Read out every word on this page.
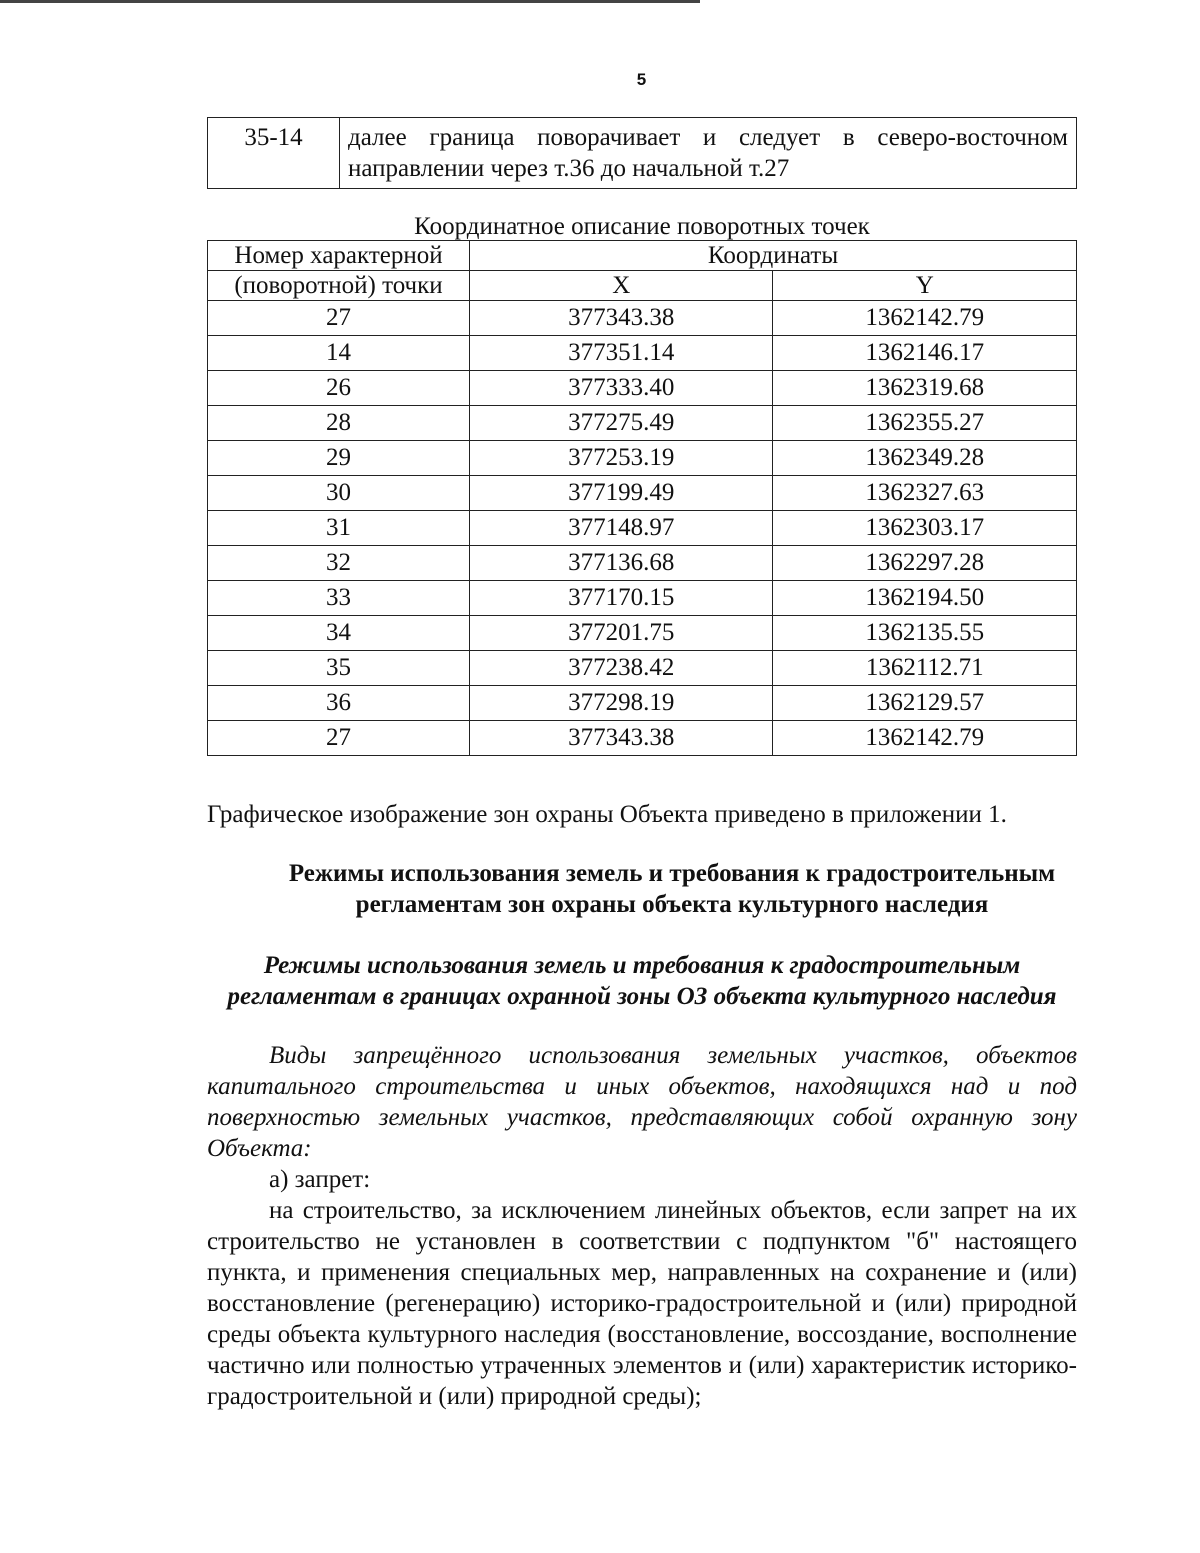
5
35-14	далее граница поворачивает и следует в северо-восточном направлении через т.36 до начальной т.27
Координатное описание поворотных точек
Номер характерной	Координаты	
(поворотной) точки	X	Y
27	377343.38	1362142.79
14	377351.14	1362146.17
26	377333.40	1362319.68
28	377275.49	1362355.27
29	377253.19	1362349.28
30	377199.49	1362327.63
31	377148.97	1362303.17
32	377136.68	1362297.28
33	377170.15	1362194.50
34	377201.75	1362135.55
35	377238.42	1362112.71
36	377298.19	1362129.57
27	377343.38	1362142.79
Графическое изображение зон охраны Объекта приведено в приложении 1.
Режимы использования земель и требования к градостроительным
регламентам зон охраны объекта культурного наследия
Режимы использования земель и требования к градостроительным регламентам в границах охранной зоны ОЗ объекта культурного наследия

Виды запрещённого использования земельных участков, объектов капитального строительства и иных объектов, находящихся над и под поверхностью земельных участков, представляющих собой охранную зону Объекта:

а) запрет:

на строительство, за исключением линейных объектов, если запрет на их строительство не установлен в соответствии с подпунктом "б" настоящего пункта, и применения специальных мер, направленных на сохранение и (или) восстановление (регенерацию) историко-градостроительной и (или) природной среды объекта культурного наследия (восстановление, воссоздание, восполнение частично или полностью утраченных элементов и (или) характеристик историко-градостроительной и (или) природной среды);
